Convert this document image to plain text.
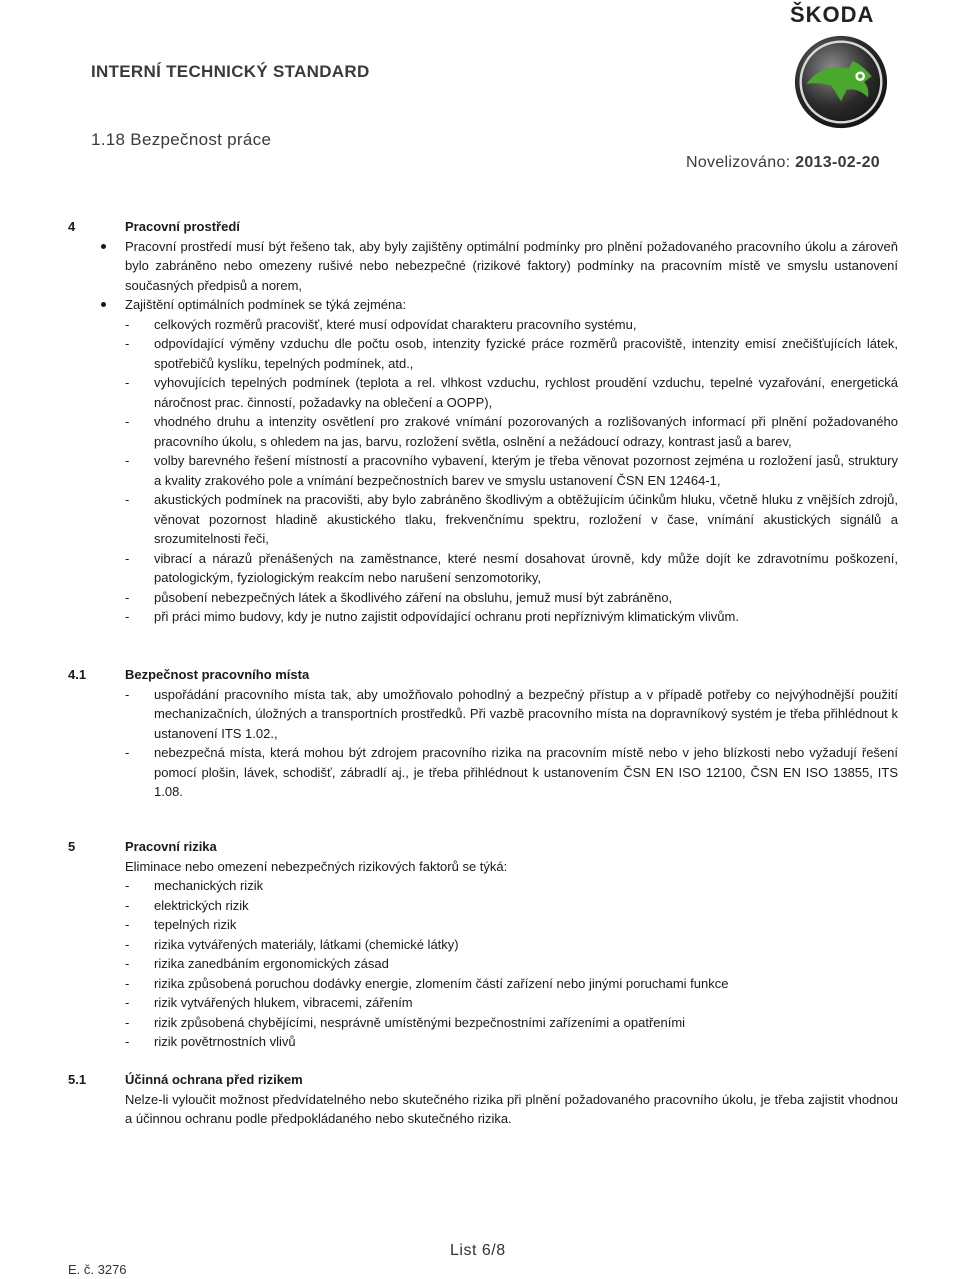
ŠKODA
INTERNÍ TECHNICKÝ STANDARD
1.18 Bezpečnost práce
Novelizováno: 2013-02-20
4	Pracovní prostředí
Pracovní prostředí musí být řešeno tak, aby byly zajištěny optimální podmínky pro plnění požadovaného pracovního úkolu a zároveň bylo zabráněno nebo omezeny rušivé nebo nebezpečné (rizikové faktory) podmínky na pracovním místě ve smyslu ustanovení současných předpisů a norem,
Zajištění optimálních podmínek se týká zejména:
- celkových rozměrů pracovišť, které musí odpovídat charakteru pracovního systému,
- odpovídající výměny vzduchu dle počtu osob, intenzity fyzické práce rozměrů pracoviště, intenzity emisí znečišťujících látek, spotřebičů kyslíku, tepelných podmínek, atd.,
- vyhovujících tepelných podmínek (teplota a rel. vlhkost vzduchu, rychlost proudění vzduchu, tepelné vyzařování, energetická náročnost prac. činností, požadavky na oblečení a OOPP),
- vhodného druhu a intenzity osvětlení pro zrakové vnímání pozorovaných a rozlišovaných informací při plnění požadovaného pracovního úkolu, s ohledem na jas, barvu, rozložení světla, oslnění a nežádoucí odrazy, kontrast jasů a barev,
- volby barevného řešení místností a pracovního vybavení, kterým je třeba věnovat pozornost zejména u rozložení jasů, struktury a kvality zrakového pole a vnímání bezpečnostních barev ve smyslu ustanovení ČSN EN 12464-1,
- akustických podmínek na pracovišti, aby bylo zabráněno škodlivým a obtěžujícím účinkům hluku, včetně hluku z vnějších zdrojů, věnovat pozornost hladině akustického tlaku, frekvenčnímu spektru, rozložení v čase, vnímání akustických signálů a srozumitelnosti řeči,
- vibrací a nárazů přenášených na zaměstnance, které nesmí dosahovat úrovně, kdy může dojít ke zdravotnímu poškození, patologickým, fyziologickým reakcím nebo narušení senzomotoriky,
- působení nebezpečných látek a škodlivého záření na obsluhu, jemuž musí být zabráněno,
- při práci mimo budovy, kdy je nutno zajistit odpovídající ochranu proti nepříznivým klimatickým vlivům.
4.1	Bezpečnost pracovního místa
- uspořádání pracovního místa tak, aby umožňovalo pohodlný a bezpečný přístup a v případě potřeby co nejvýhodnější použití mechanizačních, úložných a transportních prostředků. Při vazbě pracovního místa na dopravníkový systém je třeba přihlédnout k ustanovení ITS 1.02.,
- nebezpečná místa, která mohou být zdrojem pracovního rizika na pracovním místě nebo v jeho blízkosti nebo vyžadují řešení pomocí plošin, lávek, schodišť, zábradlí aj., je třeba přihlédnout k ustanovením ČSN EN ISO 12100, ČSN EN ISO 13855, ITS 1.08.
5	Pracovní rizika
Eliminace nebo omezení nebezpečných rizikových faktorů se týká:
- mechanických rizik
- elektrických rizik
- tepelných rizik
- rizika vytvářených materiály, látkami (chemické látky)
- rizika zanedbáním ergonomických zásad
- rizika způsobená poruchou dodávky energie, zlomením částí zařízení nebo jinými poruchami funkce
- rizik vytvářených hlukem, vibracemi, zářením
- rizik způsobená chybějícími, nesprávně umístěnými bezpečnostními zařízeními a opatřeními
- rizik povětrnostních vlivů
5.1	Účinná ochrana před rizikem
Nelze-li vyloučit možnost předvídatelného nebo skutečného rizika při plnění požadovaného pracovního úkolu, je třeba zajistit vhodnou a účinnou ochranu podle předpokládaného nebo skutečného rizika.
E. č. 3276
List 6/8
